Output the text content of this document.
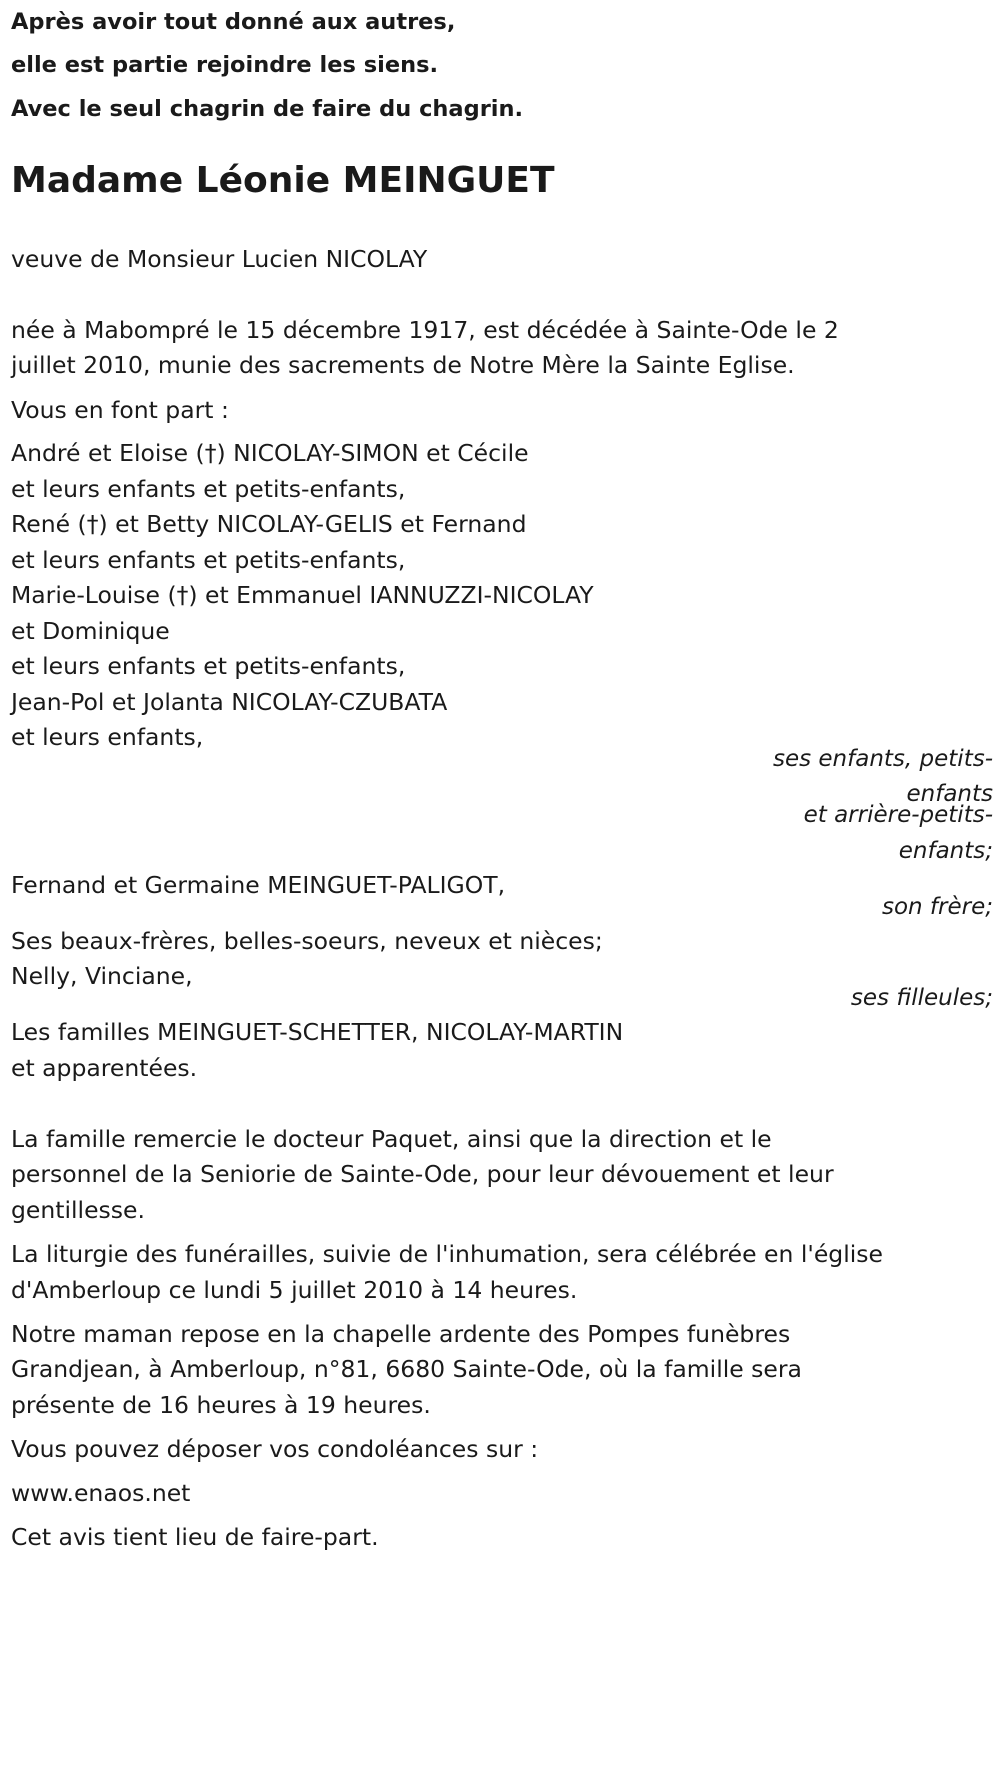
Après avoir tout donné aux autres,
elle est partie rejoindre les siens.
Avec le seul chagrin de faire du chagrin.
Madame Léonie MEINGUET
veuve de Monsieur Lucien NICOLAY
née à Mabompré le 15 décembre 1917, est décédée à Sainte-Ode le 2
juillet 2010, munie des sacrements de Notre Mère la Sainte Eglise.
Vous en font part :
André et Eloise (†) NICOLAY-SIMON et Cécile
et leurs enfants et petits-enfants,
René (†) et Betty NICOLAY-GELIS et Fernand
et leurs enfants et petits-enfants,
Marie-Louise (†) et Emmanuel IANNUZZI-NICOLAY
et Dominique
et leurs enfants et petits-enfants,
Jean-Pol et Jolanta NICOLAY-CZUBATA
et leurs enfants,
ses enfants, petits-
enfants
et arrière-petits-
enfants;
Fernand et Germaine MEINGUET-PALIGOT,
son frère;
Ses beaux-frères, belles-soeurs, neveux et nièces;
Nelly, Vinciane,
ses filleules;
Les familles MEINGUET-SCHETTER, NICOLAY-MARTIN
et apparentées.
La famille remercie le docteur Paquet, ainsi que la direction et le
personnel de la Seniorie de Sainte-Ode, pour leur dévouement et leur
gentillesse.
La liturgie des funérailles, suivie de l'inhumation, sera célébrée en l'église
d'Amberloup ce lundi 5 juillet 2010 à 14 heures.
Notre maman repose en la chapelle ardente des Pompes funèbres
Grandjean, à Amberloup, n°81, 6680 Sainte-Ode, où la famille sera
présente de 16 heures à 19 heures.
Vous pouvez déposer vos condoléances sur :
www.enaos.net
Cet avis tient lieu de faire-part.
